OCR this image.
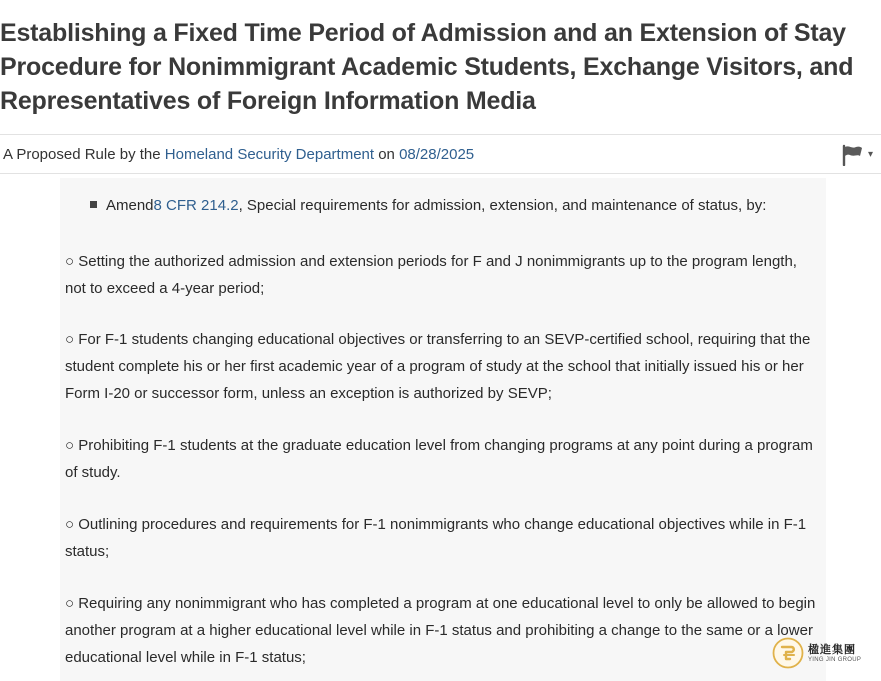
Establishing a Fixed Time Period of Admission and an Extension of Stay Procedure for Nonimmigrant Academic Students, Exchange Visitors, and Representatives of Foreign Information Media
A Proposed Rule by the Homeland Security Department on 08/28/2025	▾
Amend8 CFR 214.2, Special requirements for admission, extension, and maintenance of status, by:

○ Setting the authorized admission and extension periods for F and J nonimmigrants up to the program length, not to exceed a 4-year period;

○ For F-1 students changing educational objectives or transferring to an SEVP-certified school, requiring that the student complete his or her first academic year of a program of study at the school that initially issued his or her Form I-20 or successor form, unless an exception is authorized by SEVP;

○ Prohibiting F-1 students at the graduate education level from changing programs at any point during a program of study.

○ Outlining procedures and requirements for F-1 nonimmigrants who change educational objectives while in F-1 status;

○ Requiring any nonimmigrant who has completed a program at one educational level to only be allowed to begin another program at a higher educational level while in F-1 status and prohibiting a change to the same or a lower educational level while in F-1 status;	楹進集團
YING JIN GROUP
